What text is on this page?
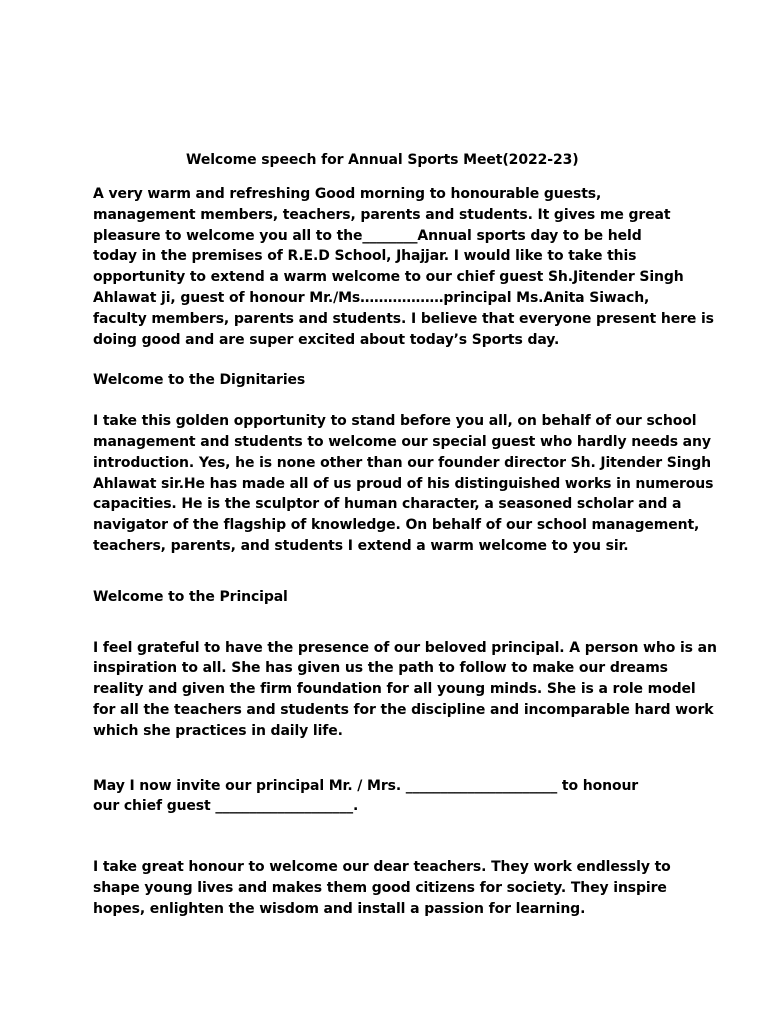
Welcome speech for Annual Sports Meet(2022-23)
A very warm and refreshing Good morning to honourable guests,
management members, teachers, parents and students. It gives me great
pleasure to welcome you all to the________Annual sports day to be held
today in the premises of R.E.D School, Jhajjar. I would like to take this
opportunity to extend a warm welcome to our chief guest Sh.Jitender Singh
Ahlawat ji, guest of honour Mr./Ms………………principal Ms.Anita Siwach,
faculty members, parents and students. I believe that everyone present here is
doing good and are super excited about today’s Sports day.
Welcome to the Dignitaries
I take this golden opportunity to stand before you all, on behalf of our school
management and students to welcome our special guest who hardly needs any
introduction. Yes, he is none other than our founder director Sh. Jitender Singh
Ahlawat sir.He has made all of us proud of his distinguished works in numerous
capacities. He is the sculptor of human character, a seasoned scholar and a
navigator of the flagship of knowledge. On behalf of our school management,
teachers, parents, and students I extend a warm welcome to you sir.
Welcome to the Principal
I feel grateful to have the presence of our beloved principal. A person who is an
inspiration to all. She has given us the path to follow to make our dreams
reality and given the firm foundation for all young minds. She is a role model
for all the teachers and students for the discipline and incomparable hard work
which she practices in daily life.
May I now invite our principal Mr. / Mrs. ______________________ to honour
our chief guest ____________________.
I take great honour to welcome our dear teachers. They work endlessly to
shape young lives and makes them good citizens for society. They inspire
hopes, enlighten the wisdom and install a passion for learning.
